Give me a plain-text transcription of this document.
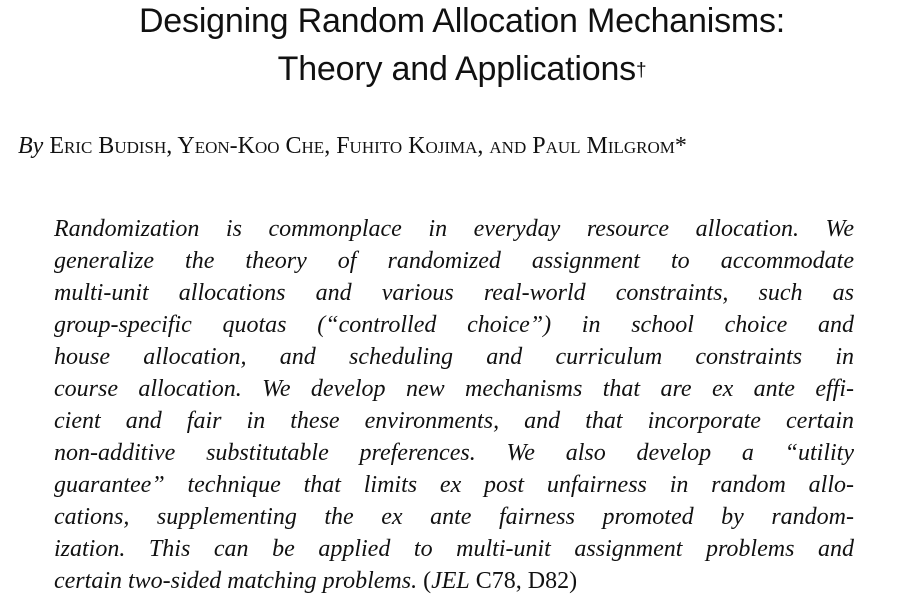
Designing Random Allocation Mechanisms:
Theory and Applications†
By Eric Budish, Yeon-Koo Che, Fuhito Kojima, and Paul Milgrom*
Randomization is commonplace in everyday resource allocation. We
generalize the theory of randomized assignment to accommodate
multi-unit allocations and various real-world constraints, such as
group-specific quotas (“controlled choice”) in school choice and
house allocation, and scheduling and curriculum constraints in
course allocation. We develop new mechanisms that are ex ante effi-
cient and fair in these environments, and that incorporate certain
non-additive substitutable preferences. We also develop a “utility
guarantee” technique that limits ex post unfairness in random allo-
cations, supplementing the ex ante fairness promoted by random-
ization. This can be applied to multi-unit assignment problems and
certain two-sided matching problems. (JEL C78, D82)
